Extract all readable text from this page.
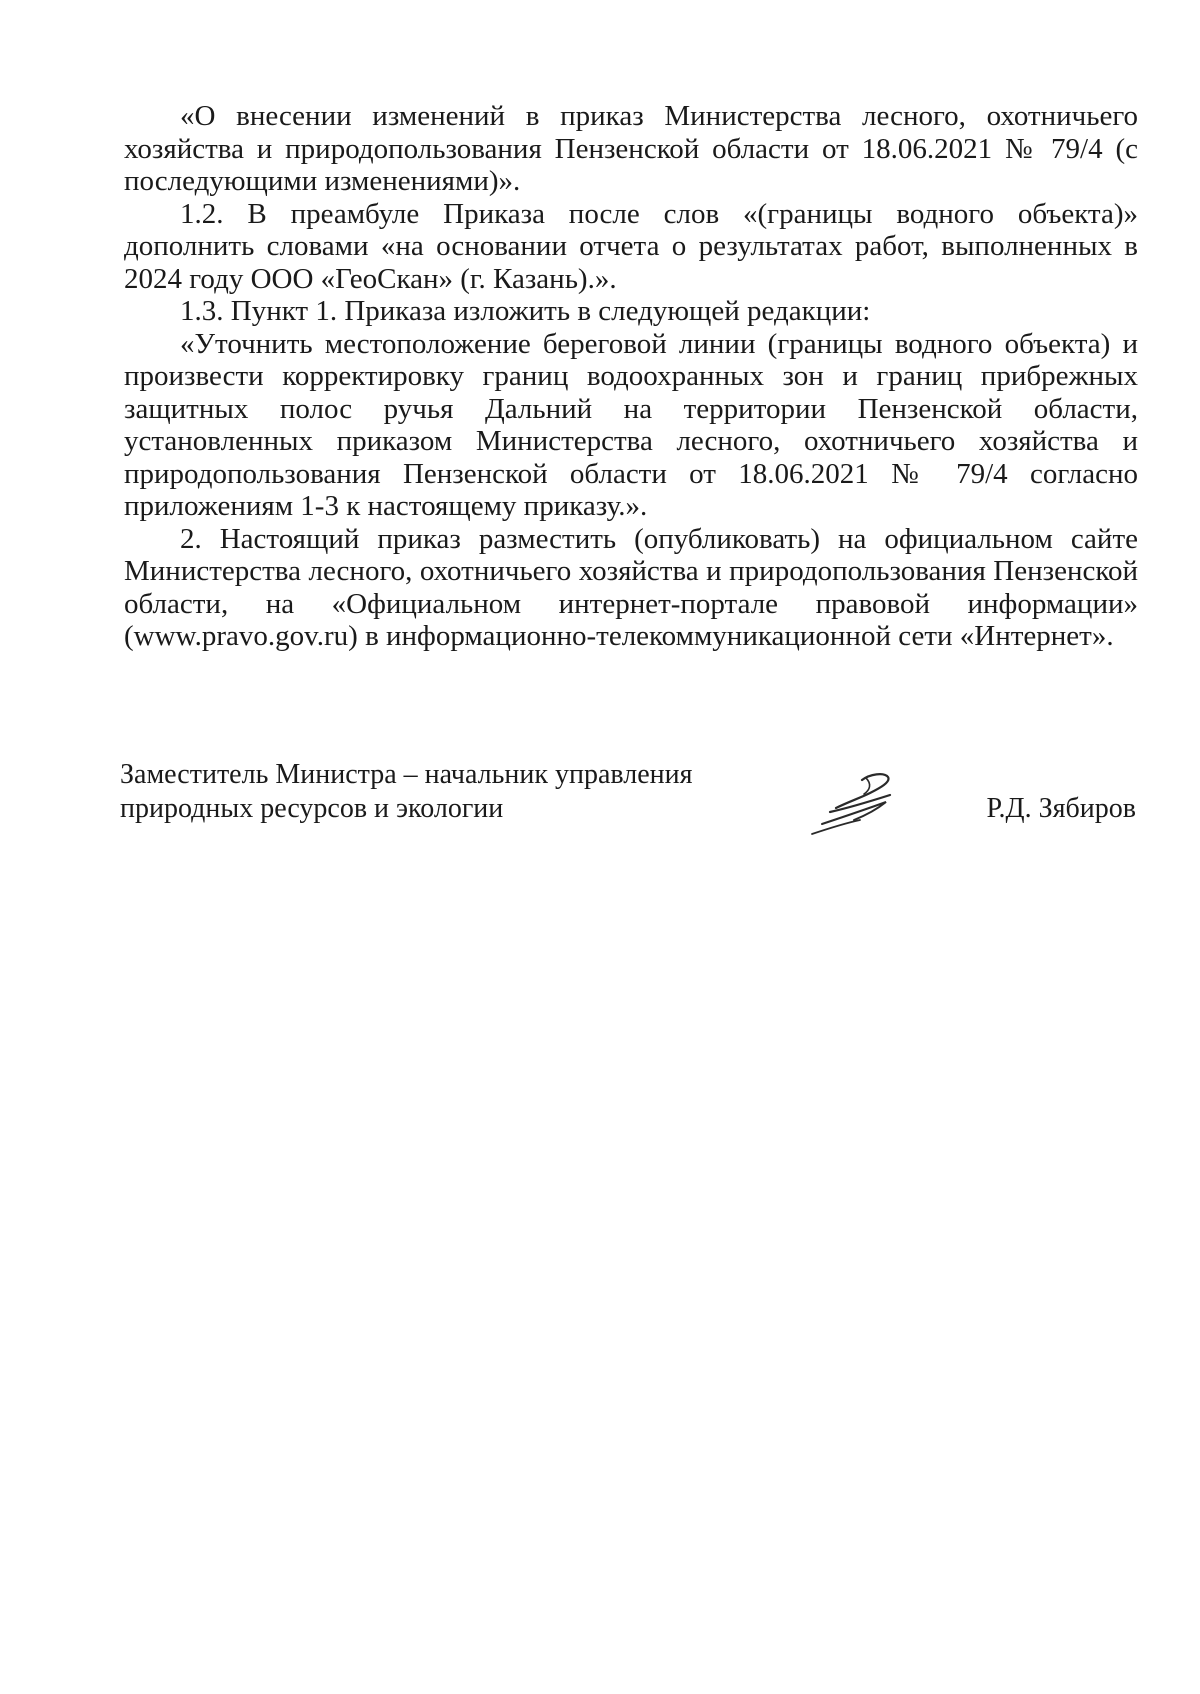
«О внесении изменений в приказ Министерства лесного, охотничьего хозяйства и природопользования Пензенской области от 18.06.2021 № 79/4 (с последующими изменениями)».

1.2. В преамбуле Приказа после слов «(границы водного объекта)» дополнить словами «на основании отчета о результатах работ, выполненных в 2024 году ООО «ГеоСкан» (г. Казань).».

1.3. Пункт 1. Приказа изложить в следующей редакции:

«Уточнить местоположение береговой линии (границы водного объекта) и произвести корректировку границ водоохранных зон и границ прибрежных защитных полос ручья Дальний на территории Пензенской области, установленных приказом Министерства лесного, охотничьего хозяйства и природопользования Пензенской области от 18.06.2021 № 79/4 согласно приложениям 1-3 к настоящему приказу.».

2. Настоящий приказ разместить (опубликовать) на официальном сайте Министерства лесного, охотничьего хозяйства и природопользования Пензенской области, на «Официальном интернет-портале правовой информации» (www.pravo.gov.ru) в информационно-телекоммуникационной сети «Интернет».

Заместитель Министра – начальник управления
природных ресурсов и экологии	Р.Д. Зябиров
